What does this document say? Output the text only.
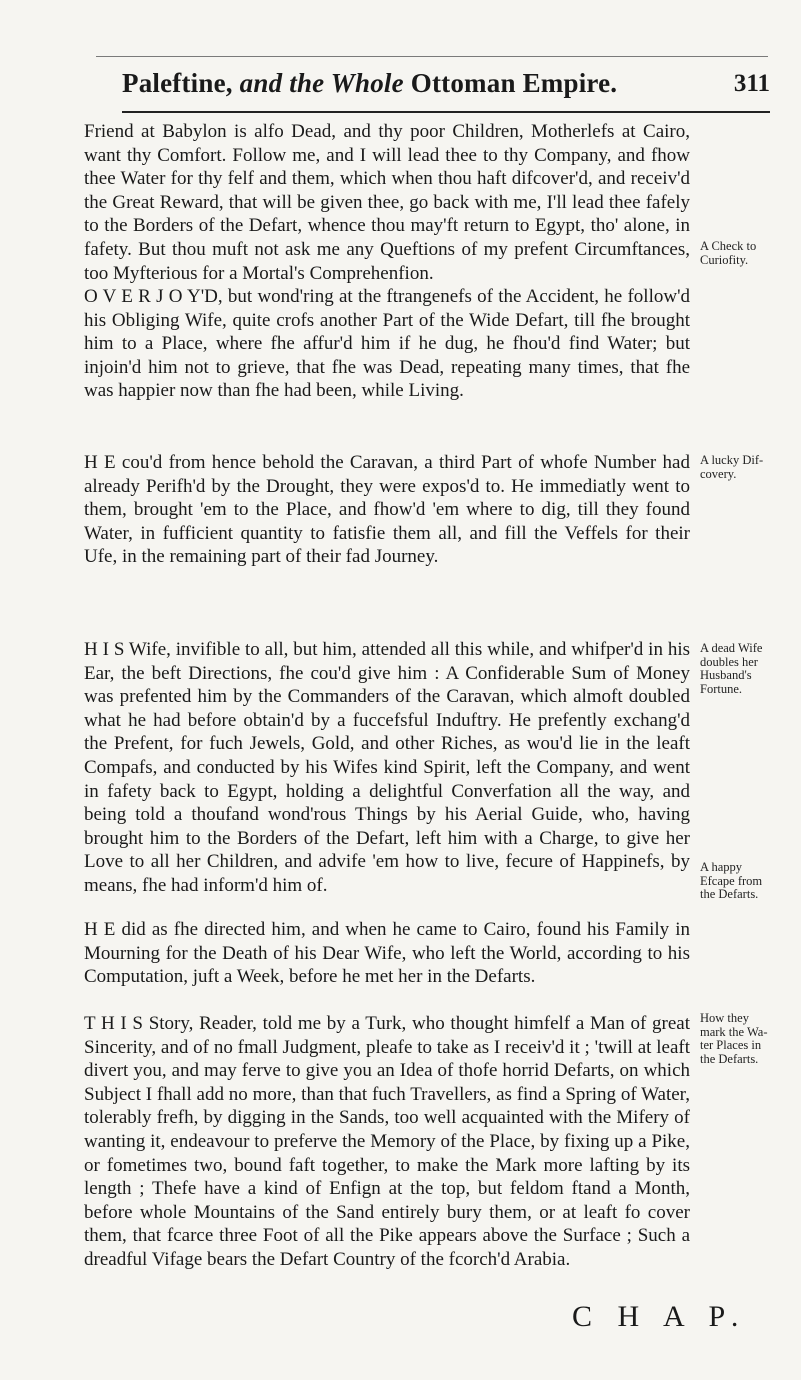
Paleftine, and the Whole Ottoman Empire.	311

Friend at Babylon is alfo Dead, and thy poor Children, Motherlefs at Cairo, want thy Comfort. Follow me, and I will lead thee to thy Company, and fhow thee Water for thy felf and them, which when thou haft difcover'd, and receiv'd the Great Reward, that will be given thee, go back with me, I'll lead thee fafely to the Borders of the Defart, whence thou may'ft return to Egypt, tho' alone, in fafety. But thou muft not ask me any Queftions of my prefent Circumftances, too Myfterious for a Mortal's Comprehenfion.

O V E R J O Y'D, but wond'ring at the ftrangenefs of the Accident, he follow'd his Obliging Wife, quite crofs another Part of the Wide Defart, till fhe brought him to a Place, where fhe affur'd him if he dug, he fhou'd find Water; but injoin'd him not to grieve, that fhe was Dead, repeating many times, that fhe was happier now than fhe had been, while Living.

H E cou'd from hence behold the Caravan, a third Part of whofe Number had already Perifh'd by the Drought, they were expos'd to. He immediatly went to them, brought 'em to the Place, and fhow'd 'em where to dig, till they found Water, in fufficient quantity to fatisfie them all, and fill the Veffels for their Ufe, in the remaining part of their fad Journey.

H I S Wife, invifible to all, but him, attended all this while, and whifper'd in his Ear, the beft Directions, fhe cou'd give him : A Confiderable Sum of Money was prefented him by the Commanders of the Caravan, which almoft doubled what he had before obtain'd by a fuccefsful Induftry. He prefently exchang'd the Prefent, for fuch Jewels, Gold, and other Riches, as wou'd lie in the leaft Compafs, and conducted by his Wifes kind Spirit, left the Company, and went in fafety back to Egypt, holding a delightful Converfation all the way, and being told a thoufand wond'rous Things by his Aerial Guide, who, having brought him to the Borders of the Defart, left him with a Charge, to give her Love to all her Children, and advife 'em how to live, fecure of Happinefs, by means, fhe had inform'd him of.

H E did as fhe directed him, and when he came to Cairo, found his Family in Mourning for the Death of his Dear Wife, who left the World, according to his Computation, juft a Week, before he met her in the Defarts.

T H I S Story, Reader, told me by a Turk, who thought himfelf a Man of great Sincerity, and of no fmall Judgment, pleafe to take as I receiv'd it ; 'twill at leaft divert you, and may ferve to give you an Idea of thofe horrid Defarts, on which Subject I fhall add no more, than that fuch Travellers, as find a Spring of Water, tolerably frefh, by digging in the Sands, too well acquainted with the Mifery of wanting it, endeavour to preferve the Memory of the Place, by fixing up a Pike, or fometimes two, bound faft together, to make the Mark more lafting by its length ; Thefe have a kind of Enfign at the top, but feldom ftand a Month, before whole Mountains of the Sand entirely bury them, or at leaft fo cover them, that fcarce three Foot of all the Pike appears above the Surface ; Such a dreadful Vifage bears the Defart Country of the fcorch'd Arabia.

A Check to
Curiofity.
A lucky Dif-
covery.
A dead Wife
doubles her
Husband's
Fortune.
A happy
Efcape from
the Defarts.
How they
mark the Wa-
ter Places in
the Defarts.
C H A P.
